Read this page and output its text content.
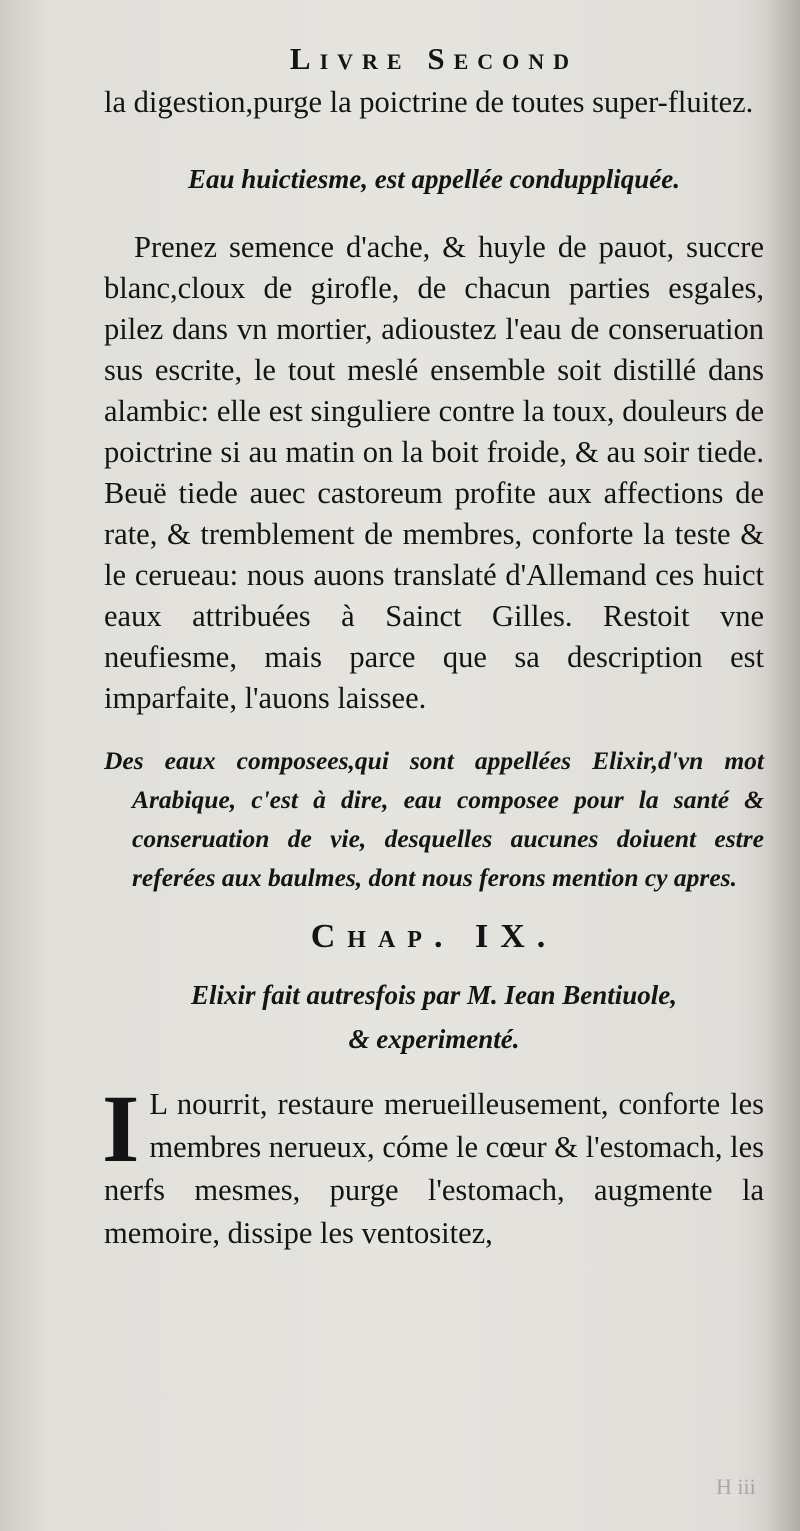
Livre Second

la digestion,purge la poictrine de toutes super-fluitez.

Eau huictiesme, est appellée conduppliquée.

Prenez semence d'ache, & huyle de pauot, succre blanc,cloux de girofle, de chacun parties esgales, pilez dans vn mortier, adioustez l'eau de conseruation sus escrite, le tout meslé ensemble soit distillé dans alambic: elle est singuliere contre la toux, douleurs de poictrine si au matin on la boit froide, & au soir tiede. Beuë tiede auec castoreum profite aux affections de rate, & tremblement de membres, conforte la teste & le cerueau: nous auons translaté d'Allemand ces huict eaux attribuées à Sainct Gilles. Restoit vne neufiesme, mais parce que sa description est imparfaite, l'auons laissee.

Des eaux composees,qui sont appellées Elixir,d'vn mot Arabique, c'est à dire, eau composee pour la santé & conseruation de vie, desquelles aucunes doiuent estre referées aux baulmes, dont nous ferons mention cy apres.

Chap. IX.
Elixir fait autresfois par M. Iean Bentiuole,
& experimenté.

I L nourrit, restaure merueilleusement, conforte les membres nerueux, cóme le cœur & l'estomach, les nerfs mesmes, purge l'estomach, augmente la memoire, dissipe les ventositez,

H iii
